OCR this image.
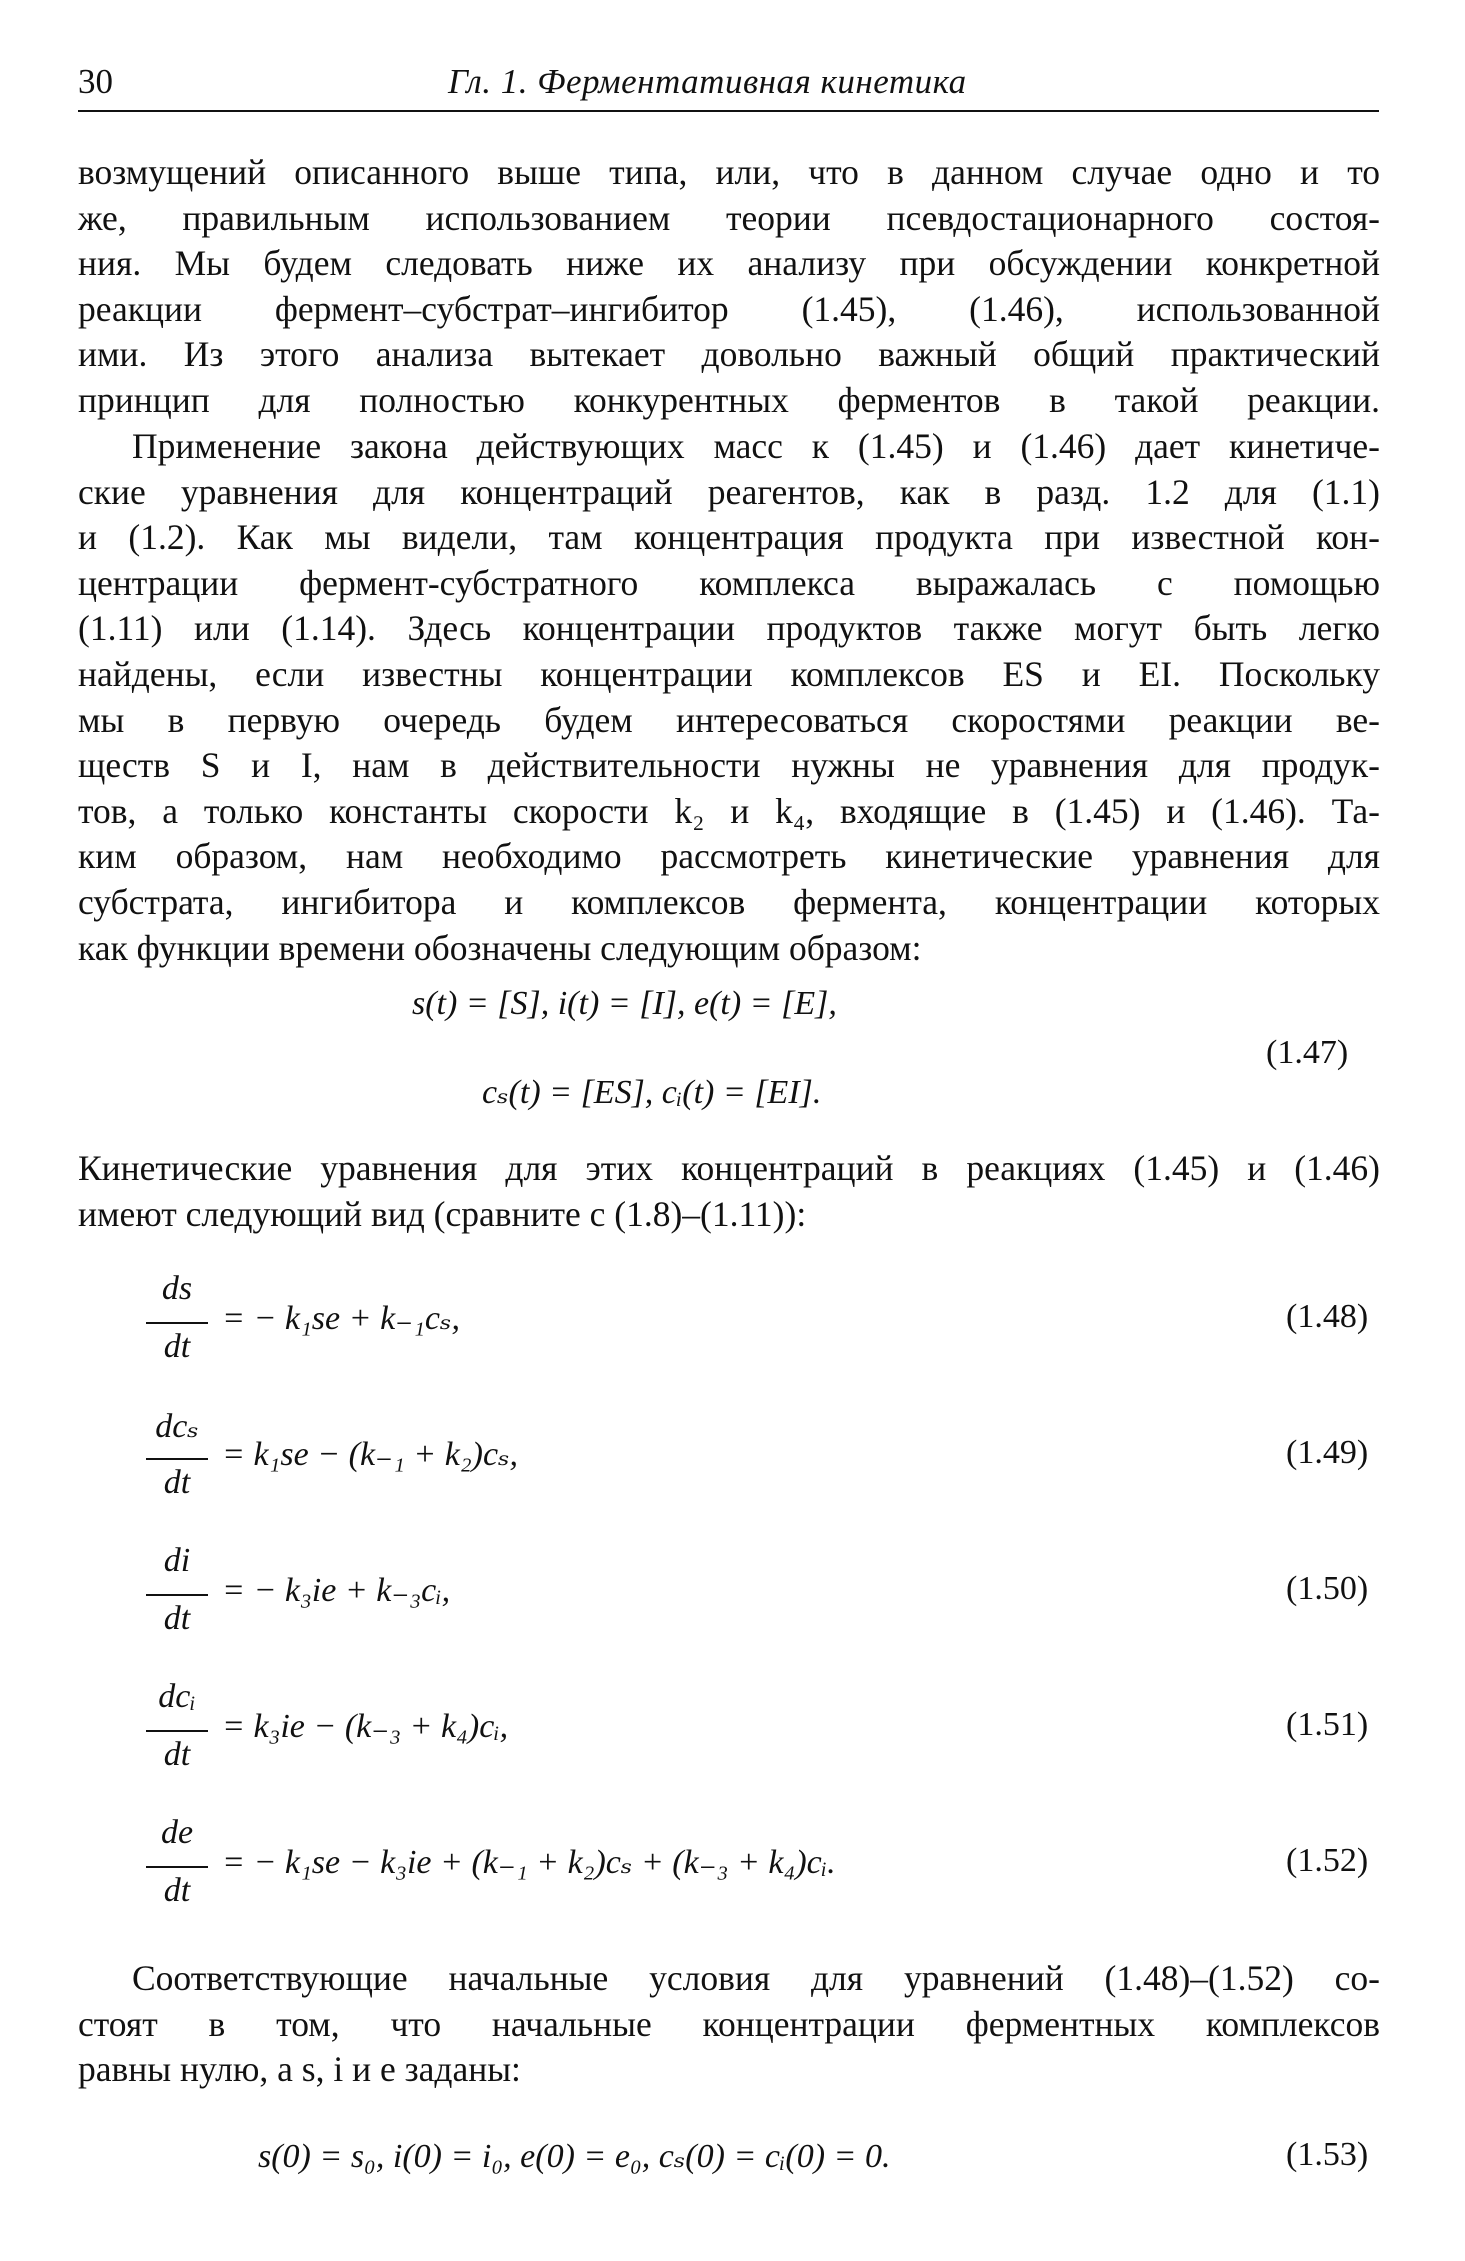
30	Гл. 1. Ферментативная кинетика
возмущений описанного выше типа, или, что в данном случае одно и то
же, правильным использованием теории псевдостационарного состоя-
ния. Мы будем следовать ниже их анализу при обсуждении конкретной
реакции фермент–субстрат–ингибитор (1.45), (1.46), использованной
ими. Из этого анализа вытекает довольно важный общий практический
принцип для полностью конкурентных ферментов в такой реакции.
Применение закона действующих масс к (1.45) и (1.46) дает кинетиче-
ские уравнения для концентраций реагентов, как в разд. 1.2 для (1.1)
и (1.2). Как мы видели, там концентрация продукта при известной кон-
центрации фермент-субстратного комплекса выражалась с помощью
(1.11) или (1.14). Здесь концентрации продуктов также могут быть легко
найдены, если известны концентрации комплексов ES и EI. Поскольку
мы в первую очередь будем интересоваться скоростями реакции ве-
ществ S и I, нам в действительности нужны не уравнения для продук-
тов, а только константы скорости k₂ и k₄, входящие в (1.45) и (1.46). Та-
ким образом, нам необходимо рассмотреть кинетические уравнения для
субстрата, ингибитора и комплексов фермента, концентрации которых
как функции времени обозначены следующим образом:
s(t) = [S], i(t) = [I], e(t) = [E],
cₛ(t) = [ES], cᵢ(t) = [EI].
(1.47)
Кинетические уравнения для этих концентраций в реакциях (1.45) и (1.46)
имеют следующий вид (сравните с (1.8)–(1.11)):
ds
dt
= − k₁se + k₋₁cₛ,	(1.48)
dcₛ
dt
= k₁se − (k₋₁ + k₂)cₛ,	(1.49)
di
dt
= − k₃ie + k₋₃cᵢ,	(1.50)
dcᵢ
dt
= k₃ie − (k₋₃ + k₄)cᵢ,	(1.51)
de
dt
= − k₁se − k₃ie + (k₋₁ + k₂)cₛ + (k₋₃ + k₄)cᵢ.	(1.52)
Соответствующие начальные условия для уравнений (1.48)–(1.52) со-
стоят в том, что начальные концентрации ферментных комплексов
равны нулю, а s, i и e заданы:
s(0) = s₀, i(0) = i₀, e(0) = e₀, cₛ(0) = cᵢ(0) = 0.	(1.53)
